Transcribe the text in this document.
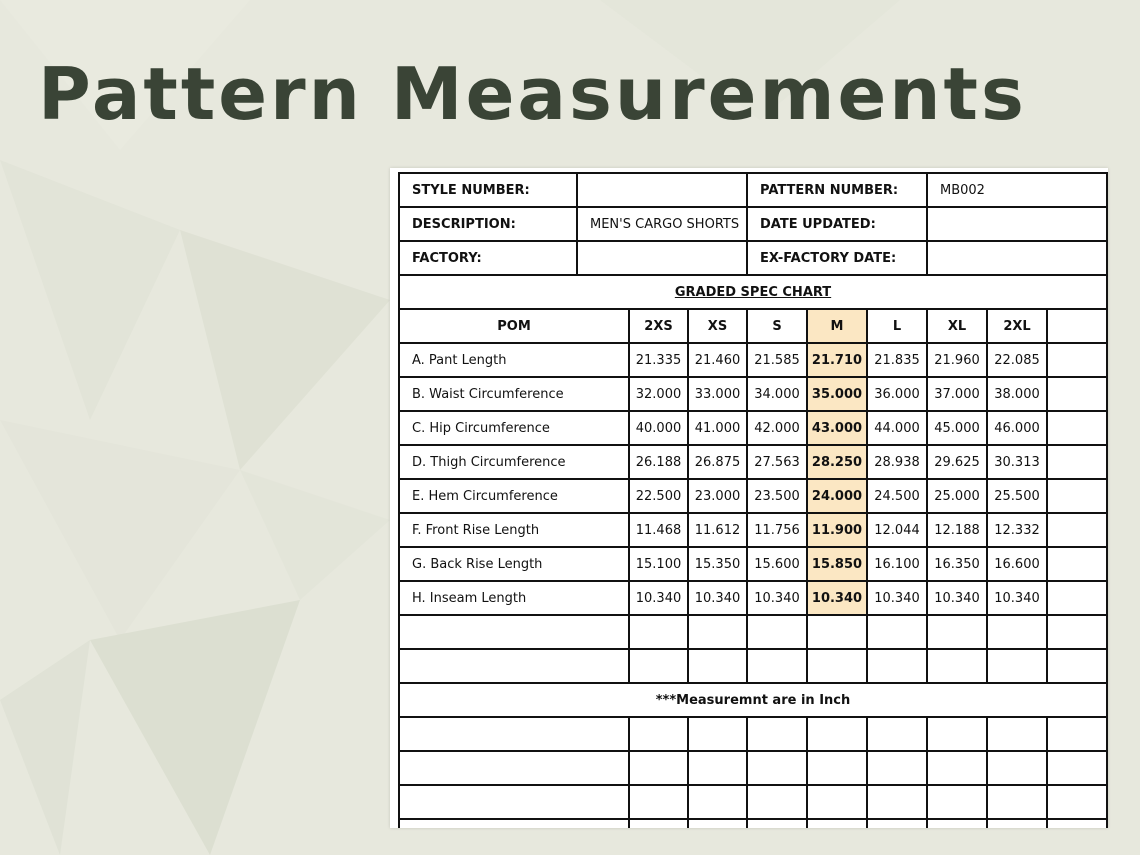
Pattern Measurements
STYLE NUMBER:				PATTERN NUMBER:			MB002		
DESCRIPTION:	MEN'S CARGO SHORTS			DATE UPDATED:					
FACTORY:				EX-FACTORY DATE:					
GRADED SPEC CHART									
POM		2XS	XS	S	M	L	XL	2XL	
A. Pant Length		21.335	21.460	21.585	21.710	21.835	21.960	22.085	
B. Waist Circumference		32.000	33.000	34.000	35.000	36.000	37.000	38.000	
C. Hip Circumference		40.000	41.000	42.000	43.000	44.000	45.000	46.000	
D. Thigh Circumference		26.188	26.875	27.563	28.250	28.938	29.625	30.313	
E. Hem Circumference		22.500	23.000	23.500	24.000	24.500	25.000	25.500	
F. Front Rise Length		11.468	11.612	11.756	11.900	12.044	12.188	12.332	
G. Back Rise Length		15.100	15.350	15.600	15.850	16.100	16.350	16.600	
H. Inseam Length		10.340	10.340	10.340	10.340	10.340	10.340	10.340	

***Measuremnt are in Inch									
